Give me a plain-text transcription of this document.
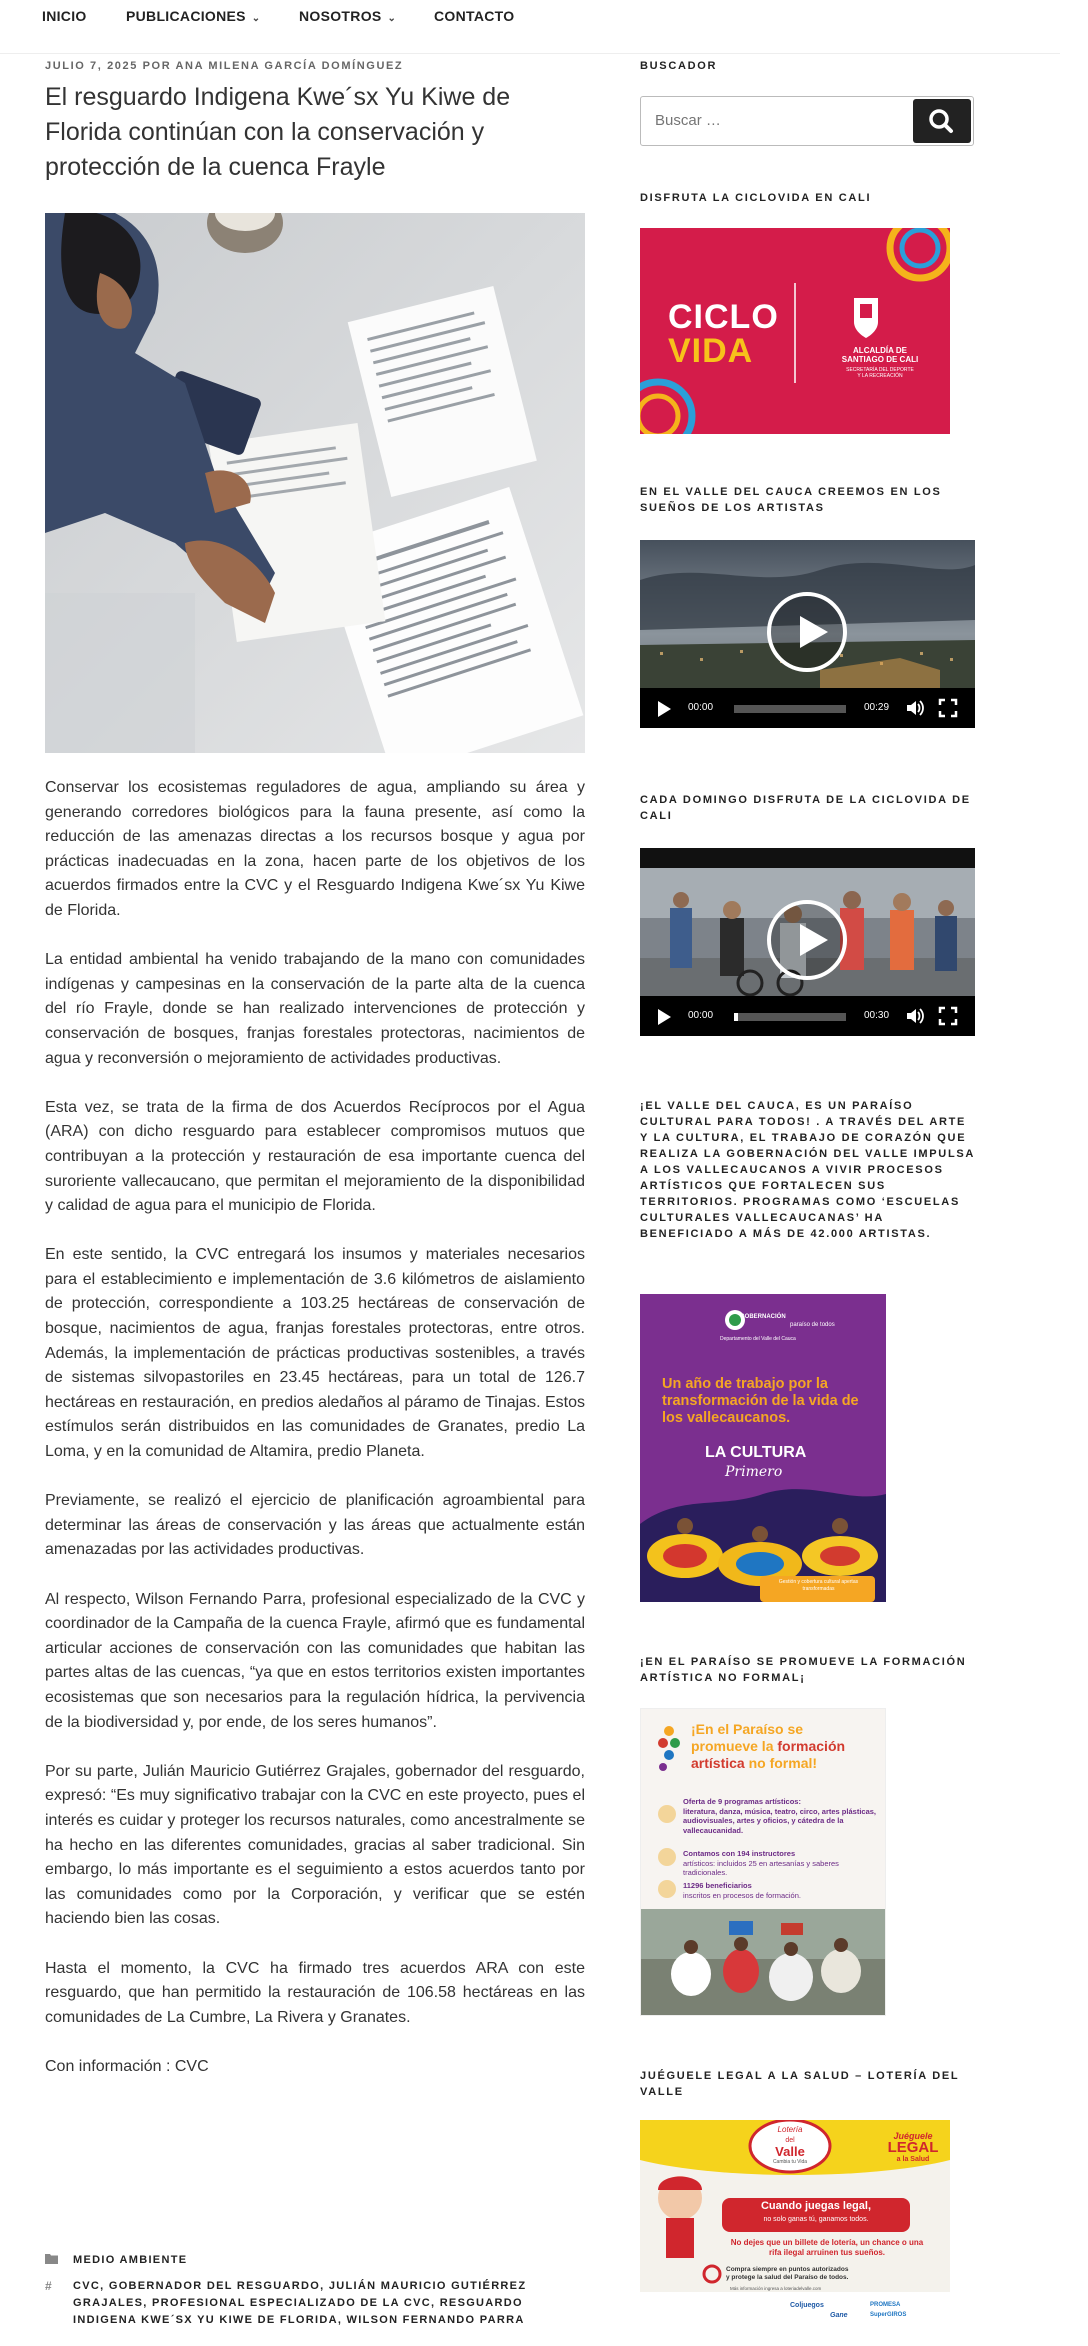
INICIO	PUBLICACIONES ⌄	NOSOTROS ⌄	CONTACTO
JULIO 7, 2025 POR ANA MILENA GARCÍA DOMÍNGUEZ
El resguardo Indigena Kwe´sx Yu Kiwe de Florida continúan con la conservación y protección de la cuenca Frayle

Conservar los ecosistemas reguladores de agua, ampliando su área y generando corredores biológicos para la fauna presente, así como la reducción de las amenazas directas a los recursos bosque y agua por prácticas inadecuadas en la zona, hacen parte de los objetivos de los acuerdos firmados entre la CVC y el Resguardo Indigena Kwe´sx Yu Kiwe de Florida.

La entidad ambiental ha venido trabajando de la mano con comunidades indígenas y campesinas en la conservación de la parte alta de la cuenca del río Frayle, donde se han realizado intervenciones de protección y conservación de bosques, franjas forestales protectoras, nacimientos de agua y reconversión o mejoramiento de actividades productivas.

Esta vez, se trata de la firma de dos Acuerdos Recíprocos por el Agua (ARA) con dicho resguardo para establecer compromisos mutuos que contribuyan a la protección y restauración de esa importante cuenca del suroriente vallecaucano, que permitan el mejoramiento de la disponibilidad y calidad de agua para el municipio de Florida.

En este sentido, la CVC entregará los insumos y materiales necesarios para el establecimiento e implementación de 3.6 kilómetros de aislamiento de protección, correspondiente a 103.25 hectáreas de conservación de bosque, nacimientos de agua, franjas forestales protectoras, entre otros. Además, la implementación de prácticas productivas sostenibles, a través de sistemas silvopastoriles en 23.45 hectáreas, para un total de 126.7 hectáreas en restauración, en predios aledaños al páramo de Tinajas. Estos estímulos serán distribuidos en las comunidades de Granates, predio La Loma, y en la comunidad de Altamira, predio Planeta.

Previamente, se realizó el ejercicio de planificación agroambiental para determinar las áreas de conservación y las áreas que actualmente están amenazadas por las actividades productivas.

Al respecto, Wilson Fernando Parra, profesional especializado de la CVC y coordinador de la Campaña de la cuenca Frayle, afirmó que es fundamental articular acciones de conservación con las comunidades que habitan las partes altas de las cuencas, “ya que en estos territorios existen importantes ecosistemas que son necesarios para la regulación hídrica, la pervivencia de la biodiversidad y, por ende, de los seres humanos”.

Por su parte, Julián Mauricio Gutiérrez Grajales, gobernador del resguardo, expresó: “Es muy significativo trabajar con la CVC en este proyecto, pues el interés es cuidar y proteger los recursos naturales, como ancestralmente se ha hecho en las diferentes comunidades, gracias al saber tradicional. Sin embargo, lo más importante es el seguimiento a estos acuerdos tanto por las comunidades como por la Corporación, y verificar que se estén haciendo bien las cosas.

Hasta el momento, la CVC ha firmado tres acuerdos ARA con este resguardo, que han permitido la restauración de 106.58 hectáreas en las comunidades de La Cumbre, La Rivera y Granates.

Con información : CVC

MEDIO AMBIENTE
#	CVC, GOBERNADOR DEL RESGUARDO, JULIÁN MAURICIO GUTIÉRREZ GRAJALES, PROFESIONAL ESPECIALIZADO DE LA CVC, RESGUARDO INDIGENA KWE´SX YU KIWE DE FLORIDA, WILSON FERNANDO PARRA
BUSCADOR
Buscar …
DISFRUTA LA CICLOVIDA EN CALI
CICLO
VIDA	ALCALDÍA DE
SANTIAGO DE CALI
SECRETARÍA DEL DEPORTE
Y LA RECREACIÓN
EN EL VALLE DEL CAUCA CREEMOS EN LOS SUEÑOS DE LOS ARTISTAS
00:00	00:29
CADA DOMINGO DISFRUTA DE LA CICLOVIDA DE CALI
00:00	00:30
¡EL VALLE DEL CAUCA, ES UN PARAÍSO CULTURAL PARA TODOS! . A TRAVÉS DEL ARTE Y LA CULTURA, EL TRABAJO DE CORAZÓN QUE REALIZA LA GOBERNACIÓN DEL VALLE IMPULSA A LOS VALLECAUCANOS A VIVIR PROCESOS ARTÍSTICOS QUE FORTALECEN SUS TERRITORIOS. PROGRAMAS COMO ‘ESCUELAS CULTURALES VALLECAUCANAS’ HA BENEFICIADO A MÁS DE 42.000 ARTISTAS.
GOBERNACIÓN
paraíso de todos
Departamento del Valle del Cauca
Un año de trabajo por la transformación de la vida de los vallecaucanos.
LA CULTURA
Primero
Gestión y cobertura cultural apertas transformadas
¡EN EL PARAÍSO SE PROMUEVE LA FORMACIÓN ARTÍSTICA NO FORMAL¡
¡En el Paraíso se
promueve la formación
artística no formal!
Oferta de 9 programas artísticos:
literatura, danza, música, teatro, circo, artes plásticas, audiovisuales, artes y oficios, y cátedra de la vallecaucanidad.
Contamos con 194 instructores
artísticos: incluidos 25 en artesanías y saberes tradicionales.
11296 beneficiarios
inscritos en procesos de formación.
JUÉGUELE LEGAL A LA SALUD – LOTERÍA DEL VALLE
Lotería
del
Valle
Cambia tu Vida
Juéguele
LEGAL
a la Salud
Cuando juegas legal,
no solo ganas tú, ganamos todos.
No dejes que un billete de lotería, un chance o una
rifa ilegal arruinen tus sueños.
Compra siempre en puntos autorizados
y protege la salud del Paraíso de todos.
Más información ingresa a loteriadelvalle.com
Coljuegos	PROMESA
Gane	SuperGIROS
